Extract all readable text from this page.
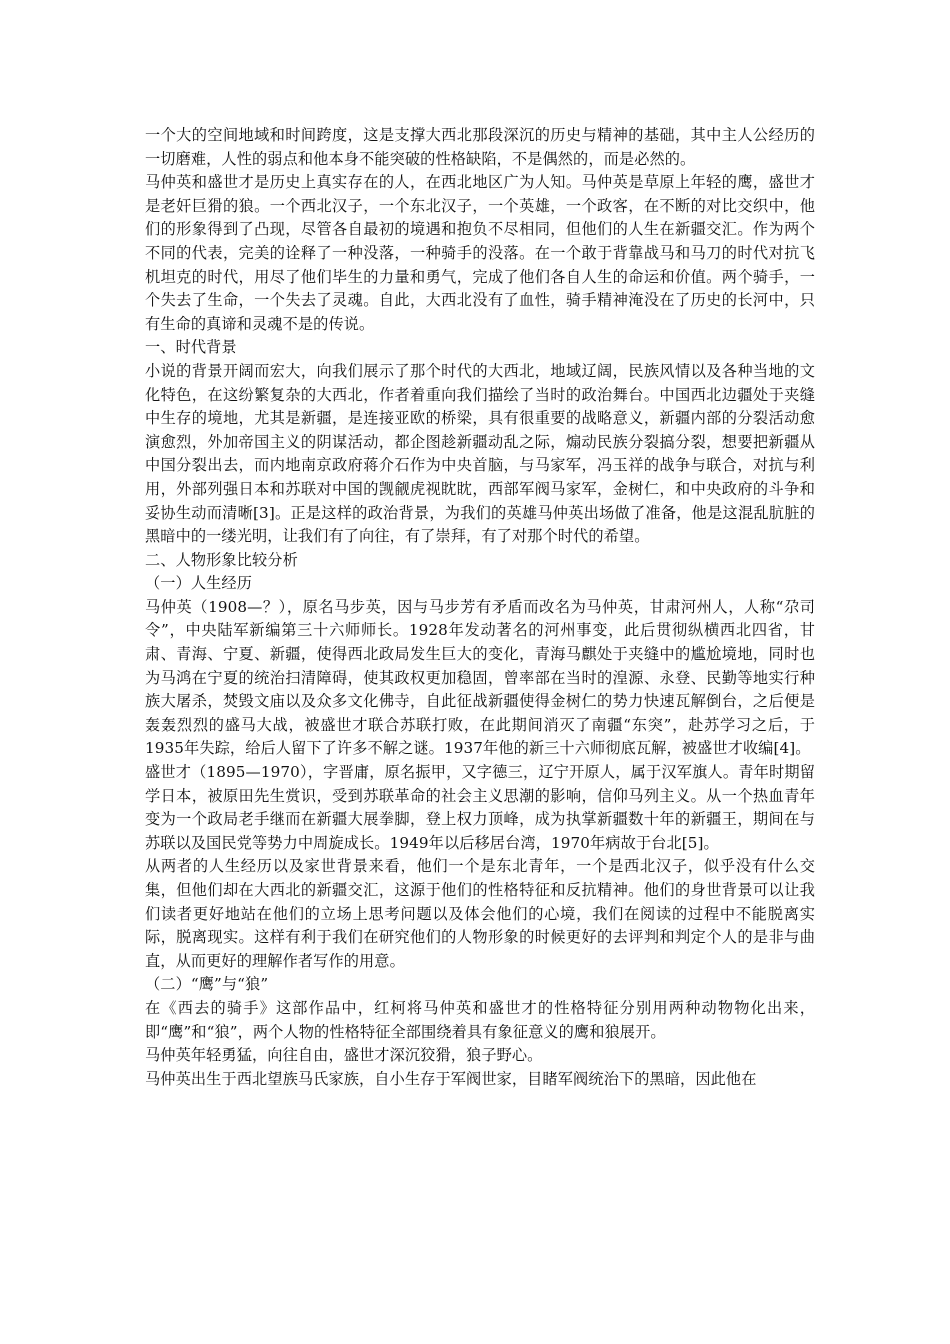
一个大的空间地域和时间跨度，这是支撑大西北那段深沉的历史与精神的基础，其中主人公经历的一切磨难，人性的弱点和他本身不能突破的性格缺陷，不是偶然的，而是必然的。

马仲英和盛世才是历史上真实存在的人，在西北地区广为人知。马仲英是草原上年轻的鹰，盛世才是老奸巨猾的狼。一个西北汉子，一个东北汉子，一个英雄，一个政客，在不断的对比交织中，他们的形象得到了凸现，尽管各自最初的境遇和抱负不尽相同，但他们的人生在新疆交汇。作为两个不同的代表，完美的诠释了一种没落，一种骑手的没落。在一个敢于背靠战马和马刀的时代对抗飞机坦克的时代，用尽了他们毕生的力量和勇气，完成了他们各自人生的命运和价值。两个骑手，一个失去了生命，一个失去了灵魂。自此，大西北没有了血性，骑手精神淹没在了历史的长河中，只有生命的真谛和灵魂不是的传说。

一、时代背景

小说的背景开阔而宏大，向我们展示了那个时代的大西北，地域辽阔，民族风情以及各种当地的文化特色，在这纷繁复杂的大西北，作者着重向我们描绘了当时的政治舞台。中国西北边疆处于夹缝中生存的境地，尤其是新疆，是连接亚欧的桥梁，具有很重要的战略意义，新疆内部的分裂活动愈演愈烈，外加帝国主义的阴谋活动，都企图趁新疆动乱之际，煽动民族分裂搞分裂，想要把新疆从中国分裂出去，而内地南京政府蒋介石作为中央首脑，与马家军，冯玉祥的战争与联合，对抗与利用，外部列强日本和苏联对中国的觊觎虎视眈眈，西部军阀马家军，金树仁，和中央政府的斗争和妥协生动而清晰[3]。正是这样的政治背景，为我们的英雄马仲英出场做了准备，他是这混乱肮脏的黑暗中的一缕光明，让我们有了向往，有了崇拜，有了对那个时代的希望。

二、人物形象比较分析

（一）人生经历

马仲英（1908—？），原名马步英，因与马步芳有矛盾而改名为马仲英，甘肃河州人，人称“尕司令”，中央陆军新编第三十六师师长。1928年发动著名的河州事变，此后贯彻纵横西北四省，甘肃、青海、宁夏、新疆，使得西北政局发生巨大的变化，青海马麒处于夹缝中的尴尬境地，同时也为马鸿在宁夏的统治扫清障碍，使其政权更加稳固，曾率部在当时的湟源、永登、民勤等地实行种族大屠杀，焚毁文庙以及众多文化佛寺，自此征战新疆使得金树仁的势力快速瓦解倒台，之后便是轰轰烈烈的盛马大战，被盛世才联合苏联打败，在此期间消灭了南疆“东突”，赴苏学习之后，于1935年失踪，给后人留下了许多不解之谜。1937年他的新三十六师彻底瓦解，被盛世才收编[4]。

盛世才（1895—1970），字晋庸，原名振甲，又字德三，辽宁开原人，属于汉军旗人。青年时期留学日本，被原田先生赏识，受到苏联革命的社会主义思潮的影响，信仰马列主义。从一个热血青年变为一个政局老手继而在新疆大展拳脚，登上权力顶峰，成为执掌新疆数十年的新疆王，期间在与苏联以及国民党等势力中周旋成长。1949年以后移居台湾，1970年病故于台北[5]。

从两者的人生经历以及家世背景来看，他们一个是东北青年，一个是西北汉子，似乎没有什么交集，但他们却在大西北的新疆交汇，这源于他们的性格特征和反抗精神。他们的身世背景可以让我们读者更好地站在他们的立场上思考问题以及体会他们的心境，我们在阅读的过程中不能脱离实际，脱离现实。这样有利于我们在研究他们的人物形象的时候更好的去评判和判定个人的是非与曲直，从而更好的理解作者写作的用意。

（二）“鹰”与“狼”

在《西去的骑手》这部作品中，红柯将马仲英和盛世才的性格特征分别用两种动物物化出来，即“鹰”和“狼”，两个人物的性格特征全部围绕着具有象征意义的鹰和狼展开。

马仲英年轻勇猛，向往自由，盛世才深沉狡猾，狼子野心。

马仲英出生于西北望族马氏家族，自小生存于军阀世家，目睹军阀统治下的黑暗，因此他在
